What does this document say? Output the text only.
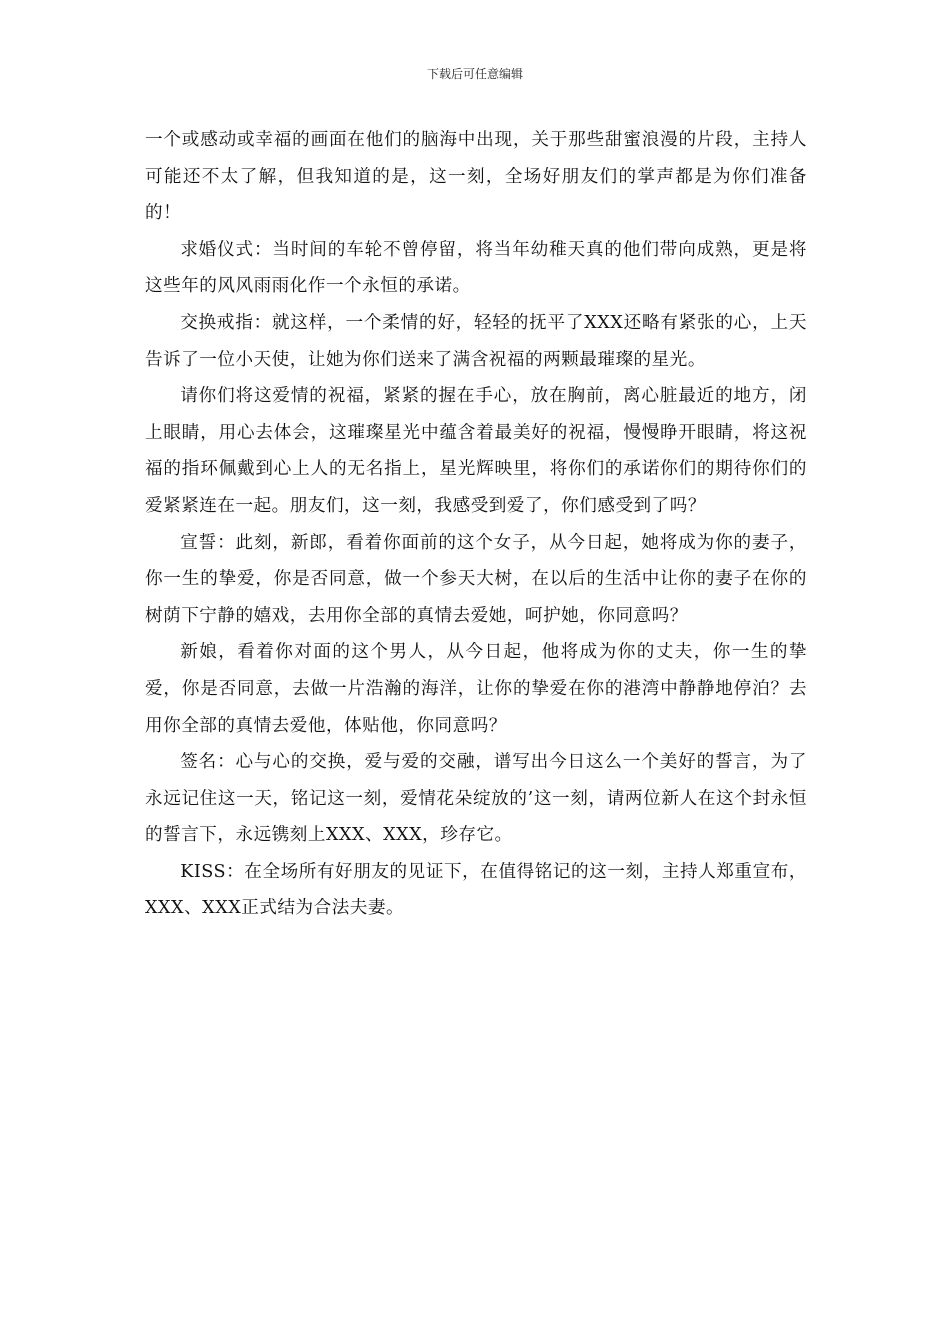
下载后可任意编辑

一个或感动或幸福的画面在他们的脑海中出现，关于那些甜蜜浪漫的片段，主持人可能还不太了解，但我知道的是，这一刻，全场好朋友们的掌声都是为你们准备的！

求婚仪式：当时间的车轮不曾停留，将当年幼稚天真的他们带向成熟，更是将这些年的风风雨雨化作一个永恒的承诺。

交换戒指：就这样，一个柔情的好，轻轻的抚平了XXX还略有紧张的心，上天告诉了一位小天使，让她为你们送来了满含祝福的两颗最璀璨的星光。

请你们将这爱情的祝福，紧紧的握在手心，放在胸前，离心脏最近的地方，闭上眼睛，用心去体会，这璀璨星光中蕴含着最美好的祝福，慢慢睁开眼睛，将这祝福的指环佩戴到心上人的无名指上，星光辉映里，将你们的承诺你们的期待你们的爱紧紧连在一起。朋友们，这一刻，我感受到爱了，你们感受到了吗？

宣誓：此刻，新郎，看着你面前的这个女子，从今日起，她将成为你的妻子，你一生的挚爱，你是否同意，做一个参天大树，在以后的生活中让你的妻子在你的树荫下宁静的嬉戏，去用你全部的真情去爱她，呵护她，你同意吗？

新娘，看着你对面的这个男人，从今日起，他将成为你的丈夫，你一生的挚爱，你是否同意，去做一片浩瀚的海洋，让你的挚爱在你的港湾中静静地停泊？去用你全部的真情去爱他，体贴他，你同意吗？

签名：心与心的交换，爱与爱的交融，谱写出今日这么一个美好的誓言，为了永远记住这一天，铭记这一刻，爱情花朵绽放的’这一刻，请两位新人在这个封永恒的誓言下，永远镌刻上XXX、XXX，珍存它。

KISS：在全场所有好朋友的见证下，在值得铭记的这一刻，主持人郑重宣布，XXX、XXX正式结为合法夫妻。
